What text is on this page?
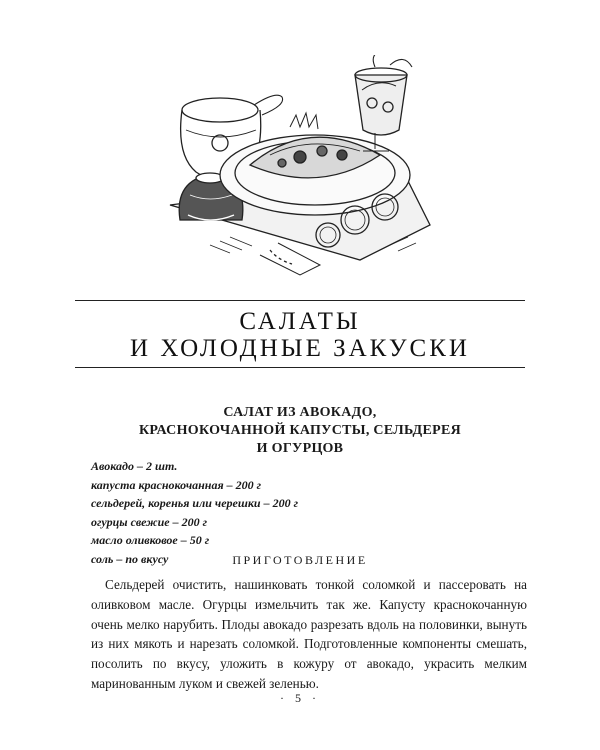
САЛАТЫ
И ХОЛОДНЫЕ ЗАКУСКИ
САЛАТ ИЗ АВОКАДО,
КРАСНОКОЧАННОЙ КАПУСТЫ, СЕЛЬДЕРЕЯ
И ОГУРЦОВ
Авокадо – 2 шт.
капуста краснокочанная – 200 г
сельдерей, коренья или черешки – 200 г
огурцы свежие – 200 г
масло оливковое – 50 г
соль – по вкусу	ПРИГОТОВЛЕНИЕ

Сельдерей очистить, нашинковать тонкой соломкой и пассеровать на оливковом масле. Огурцы измельчить так же. Капусту краснокочанную очень мелко нарубить. Плоды авокадо разрезать вдоль на половинки, вынуть из них мякоть и нарезать соломкой. Подготовленные компоненты смешать, посолить по вкусу, уложить в кожуру от авокадо, украсить мелким маринованным луком и свежей зеленью.

· 5 ·
